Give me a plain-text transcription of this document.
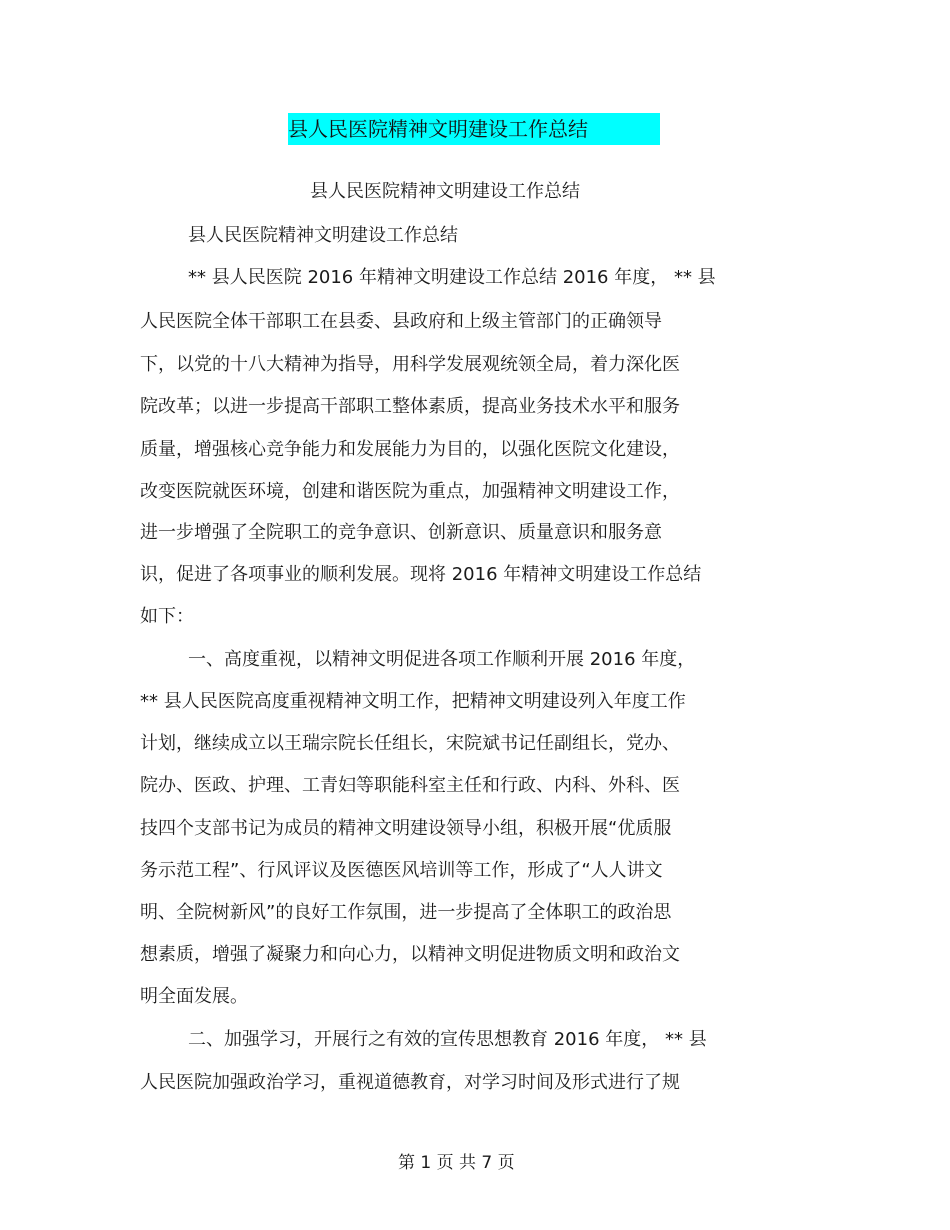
县人民医院精神文明建设工作总结
县人民医院精神文明建设工作总结
县人民医院精神文明建设工作总结
** 县人民医院 2016 年精神文明建设工作总结 2016 年度， ** 县
人民医院全体干部职工在县委、县政府和上级主管部门的正确领导
下，以党的十八大精神为指导，用科学发展观统领全局，着力深化医
院改革；以进一步提高干部职工整体素质，提高业务技术水平和服务
质量，增强核心竞争能力和发展能力为目的，以强化医院文化建设，
改变医院就医环境，创建和谐医院为重点，加强精神文明建设工作，
进一步增强了全院职工的竞争意识、创新意识、质量意识和服务意
识，促进了各项事业的顺利发展。现将 2016 年精神文明建设工作总结
如下：
一、高度重视，以精神文明促进各项工作顺利开展 2016 年度，
** 县人民医院高度重视精神文明工作，把精神文明建设列入年度工作
计划，继续成立以王瑞宗院长任组长，宋院斌书记任副组长，党办、
院办、医政、护理、工青妇等职能科室主任和行政、内科、外科、医
技四个支部书记为成员的精神文明建设领导小组，积极开展“优质服
务示范工程”、行风评议及医德医风培训等工作，形成了“人人讲文
明、全院树新风”的良好工作氛围，进一步提高了全体职工的政治思
想素质，增强了凝聚力和向心力，以精神文明促进物质文明和政治文
明全面发展。
二、加强学习，开展行之有效的宣传思想教育 2016 年度， ** 县
人民医院加强政治学习，重视道德教育，对学习时间及形式进行了规
第 1 页 共 7 页
